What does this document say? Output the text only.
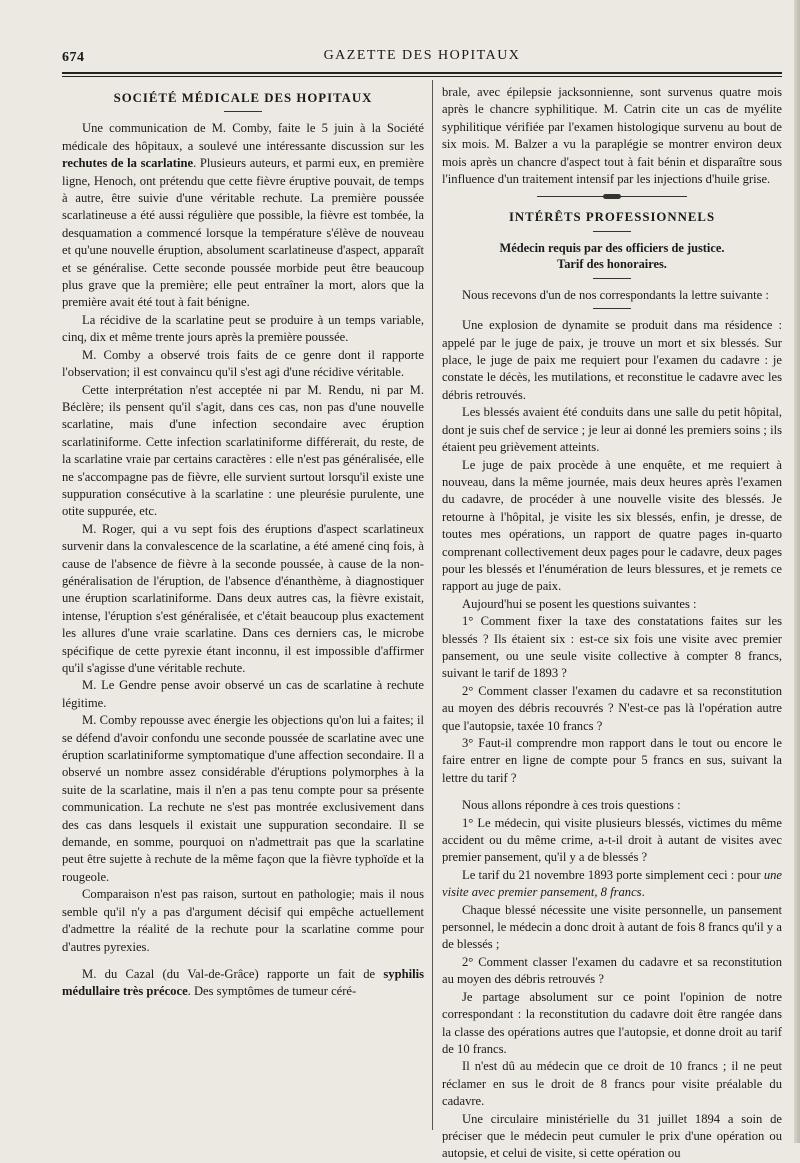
674	GAZETTE DES HOPITAUX
SOCIÉTÉ MÉDICALE DES HOPITAUX

Une communication de M. Comby, faite le 5 juin à la Société médicale des hôpitaux, a soulevé une intéressante discussion sur les rechutes de la scarlatine. Plusieurs auteurs, et parmi eux, en première ligne, Henoch, ont prétendu que cette fièvre éruptive pouvait, de temps à autre, être suivie d'une véritable rechute. La première poussée scarlatineuse a été aussi régulière que possible, la fièvre est tombée, la desquamation a commencé lorsque la température s'élève de nouveau et qu'une nouvelle éruption, absolument scarlatineuse d'aspect, apparaît et se généralise. Cette seconde poussée morbide peut être beaucoup plus grave que la première; elle peut entraîner la mort, alors que la première avait été tout à fait bénigne.

La récidive de la scarlatine peut se produire à un temps variable, cinq, dix et même trente jours après la première poussée.

M. Comby a observé trois faits de ce genre dont il rapporte l'observation; il est convaincu qu'il s'est agi d'une récidive véritable.

Cette interprétation n'est acceptée ni par M. Rendu, ni par M. Béclère; ils pensent qu'il s'agit, dans ces cas, non pas d'une nouvelle scarlatine, mais d'une infection secondaire avec éruption scarlatiniforme. Cette infection scarlatiniforme différerait, du reste, de la scarlatine vraie par certains caractères : elle n'est pas généralisée, elle ne s'accompagne pas de fièvre, elle survient surtout lorsqu'il existe une suppuration consécutive à la scarlatine : une pleurésie purulente, une otite suppurée, etc.

M. Roger, qui a vu sept fois des éruptions d'aspect scarlatineux survenir dans la convalescence de la scarlatine, a été amené cinq fois, à cause de l'absence de fièvre à la seconde poussée, à cause de la non-généralisation de l'éruption, de l'absence d'énanthème, à diagnostiquer une éruption scarlatiniforme. Dans deux autres cas, la fièvre existait, intense, l'éruption s'est généralisée, et c'était beaucoup plus exactement les allures d'une vraie scarlatine. Dans ces derniers cas, le microbe spécifique de cette pyrexie étant inconnu, il est impossible d'affirmer qu'il s'agisse d'une véritable rechute.

M. Le Gendre pense avoir observé un cas de scarlatine à rechute légitime.

M. Comby repousse avec énergie les objections qu'on lui a faites; il se défend d'avoir confondu une seconde poussée de scarlatine avec une éruption scarlatiniforme symptomatique d'une affection secondaire. Il a observé un nombre assez considérable d'éruptions polymorphes à la suite de la scarlatine, mais il n'en a pas tenu compte pour sa présente communication. La rechute ne s'est pas montrée exclusivement dans des cas dans lesquels il existait une suppuration secondaire. Il se demande, en somme, pourquoi on n'admettrait pas que la scarlatine peut être sujette à rechute de la même façon que la fièvre typhoïde et la rougeole.

Comparaison n'est pas raison, surtout en pathologie; mais il nous semble qu'il n'y a pas d'argument décisif qui empêche actuellement d'admettre la réalité de la rechute pour la scarlatine comme pour d'autres pyrexies.

M. du Cazal (du Val-de-Grâce) rapporte un fait de syphilis médullaire très précoce. Des symptômes de tumeur céré-

brale, avec épilepsie jacksonnienne, sont survenus quatre mois après le chancre syphilitique. M. Catrin cite un cas de myélite syphilitique vérifiée par l'examen histologique survenu au bout de six mois. M. Balzer a vu la paraplégie se montrer environ deux mois après un chancre d'aspect tout à fait bénin et disparaître sous l'influence d'un traitement intensif par les injections d'huile grise.

INTÉRÊTS PROFESSIONNELS
Médecin requis par des officiers de justice.
Tarif des honoraires.

Nous recevons d'un de nos correspondants la lettre suivante :

Une explosion de dynamite se produit dans ma résidence : appelé par le juge de paix, je trouve un mort et six blessés. Sur place, le juge de paix me requiert pour l'examen du cadavre : je constate le décès, les mutilations, et reconstitue le cadavre avec les débris retrouvés.

Les blessés avaient été conduits dans une salle du petit hôpital, dont je suis chef de service ; je leur ai donné les premiers soins ; ils étaient peu grièvement atteints.

Le juge de paix procède à une enquête, et me requiert à nouveau, dans la même journée, mais deux heures après l'examen du cadavre, de procéder à une nouvelle visite des blessés. Je retourne à l'hôpital, je visite les six blessés, enfin, je dresse, de toutes mes opérations, un rapport de quatre pages in-quarto comprenant collectivement deux pages pour le cadavre, deux pages pour les blessés et l'énumération de leurs blessures, et je remets ce rapport au juge de paix.

Aujourd'hui se posent les questions suivantes :

1° Comment fixer la taxe des constatations faites sur les blessés ? Ils étaient six : est-ce six fois une visite avec premier pansement, ou une seule visite collective à compter 8 francs, suivant le tarif de 1893 ?

2° Comment classer l'examen du cadavre et sa reconstitution au moyen des débris recouvrés ? N'est-ce pas là l'opération autre que l'autopsie, taxée 10 francs ?

3° Faut-il comprendre mon rapport dans le tout ou encore le faire entrer en ligne de compte pour 5 francs en sus, suivant la lettre du tarif ?

Nous allons répondre à ces trois questions :

1° Le médecin, qui visite plusieurs blessés, victimes du même accident ou du même crime, a-t-il droit à autant de visites avec premier pansement, qu'il y a de blessés ?

Le tarif du 21 novembre 1893 porte simplement ceci : pour une visite avec premier pansement, 8 francs.

Chaque blessé nécessite une visite personnelle, un pansement personnel, le médecin a donc droit à autant de fois 8 francs qu'il y a de blessés ;

2° Comment classer l'examen du cadavre et sa reconstitution au moyen des débris retrouvés ?

Je partage absolument sur ce point l'opinion de notre correspondant : la reconstitution du cadavre doit être rangée dans la classe des opérations autres que l'autopsie, et donne droit au tarif de 10 francs.

Il n'est dû au médecin que ce droit de 10 francs ; il ne peut réclamer en sus le droit de 8 francs pour visite préalable du cadavre.

Une circulaire ministérielle du 31 juillet 1894 a soin de préciser que le médecin peut cumuler le prix d'une opération ou autopsie, et celui de visite, si cette opération ou
